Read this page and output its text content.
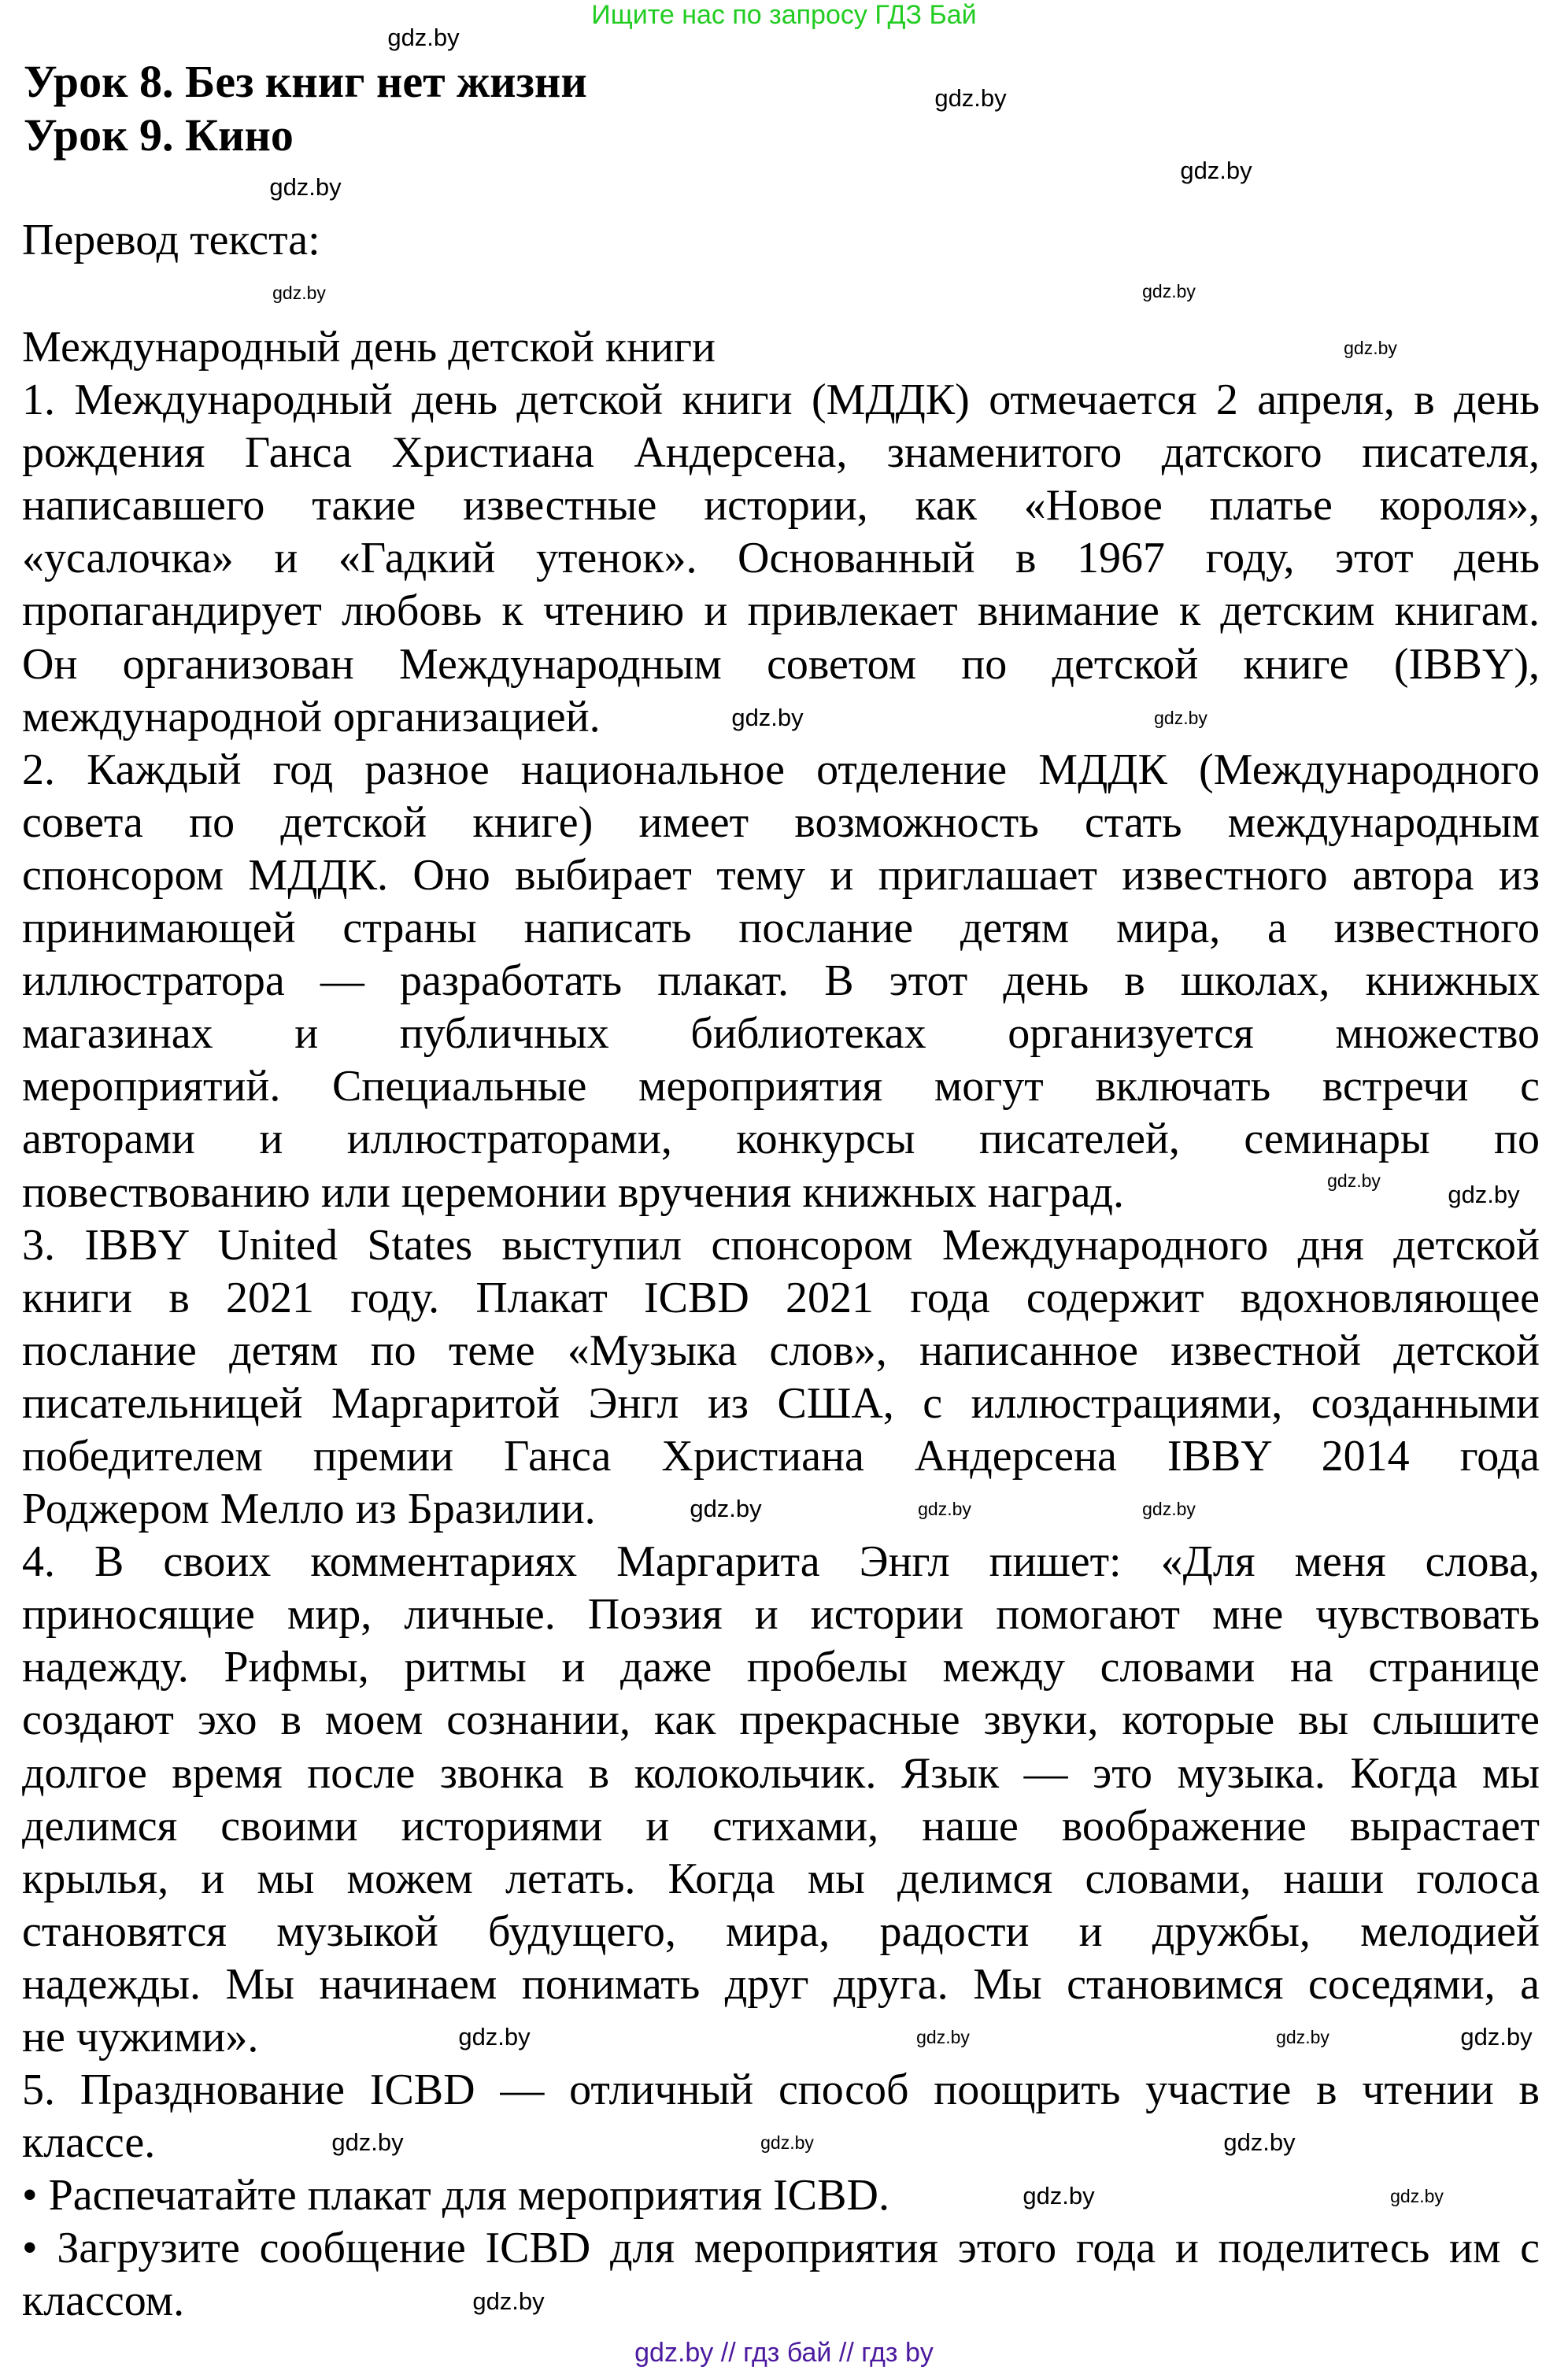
Ищите нас по запросу ГДЗ Бай
Урок 8. Без книг нет жизни
Урок 9. Кино
Перевод текста:
Международный день детской книги
1. Международный день детской книги (МДДК) отмечается 2 апреля, в день
рождения Ганса Христиана Андерсена, знаменитого датского писателя,
написавшего такие известные истории, как «Новое платье короля»,
«усалочка» и «Гадкий утенок». Основанный в 1967 году, этот день
пропагандирует любовь к чтению и привлекает внимание к детским книгам.
Он организован Международным советом по детской книге (IBBY),
международной организацией.
2. Каждый год разное национальное отделение МДДК (Международного
совета по детской книге) имеет возможность стать международным
спонсором МДДК. Оно выбирает тему и приглашает известного автора из
принимающей страны написать послание детям мира, а известного
иллюстратора — разработать плакат. В этот день в школах, книжных
магазинах и публичных библиотеках организуется множество
мероприятий. Специальные мероприятия могут включать встречи с
авторами и иллюстраторами, конкурсы писателей, семинары по
повествованию или церемонии вручения книжных наград.
3. IBBY United States выступил спонсором Международного дня детской
книги в 2021 году. Плакат ICBD 2021 года содержит вдохновляющее
послание детям по теме «Музыка слов», написанное известной детской
писательницей Маргаритой Энгл из США, с иллюстрациями, созданными
победителем премии Ганса Христиана Андерсена IBBY 2014 года
Роджером Мелло из Бразилии.
4. В своих комментариях Маргарита Энгл пишет: «Для меня слова,
приносящие мир, личные. Поэзия и истории помогают мне чувствовать
надежду. Рифмы, ритмы и даже пробелы между словами на странице
создают эхо в моем сознании, как прекрасные звуки, которые вы слышите
долгое время после звонка в колокольчик. Язык — это музыка. Когда мы
делимся своими историями и стихами, наше воображение вырастает
крылья, и мы можем летать. Когда мы делимся словами, наши голоса
становятся музыкой будущего, мира, радости и дружбы, мелодией
надежды. Мы начинаем понимать друг друга. Мы становимся соседями, а
не чужими».
5. Празднование ICBD — отличный способ поощрить участие в чтении в
классе.
• Распечатайте плакат для мероприятия ICBD.
• Загрузите сообщение ICBD для мероприятия этого года и поделитесь им с
классом.
gdz.by
gdz.by
gdz.by
gdz.by
gdz.by
gdz.by
gdz.by
gdz.by	gdz.by
gdz.by	gdz.by
gdz.by	gdz.by	gdz.by
gdz.by	gdz.by	gdz.by	gdz.by
gdz.by	gdz.by	gdz.by
gdz.by	gdz.by
gdz.by
gdz.by // гдз бай // гдз by
